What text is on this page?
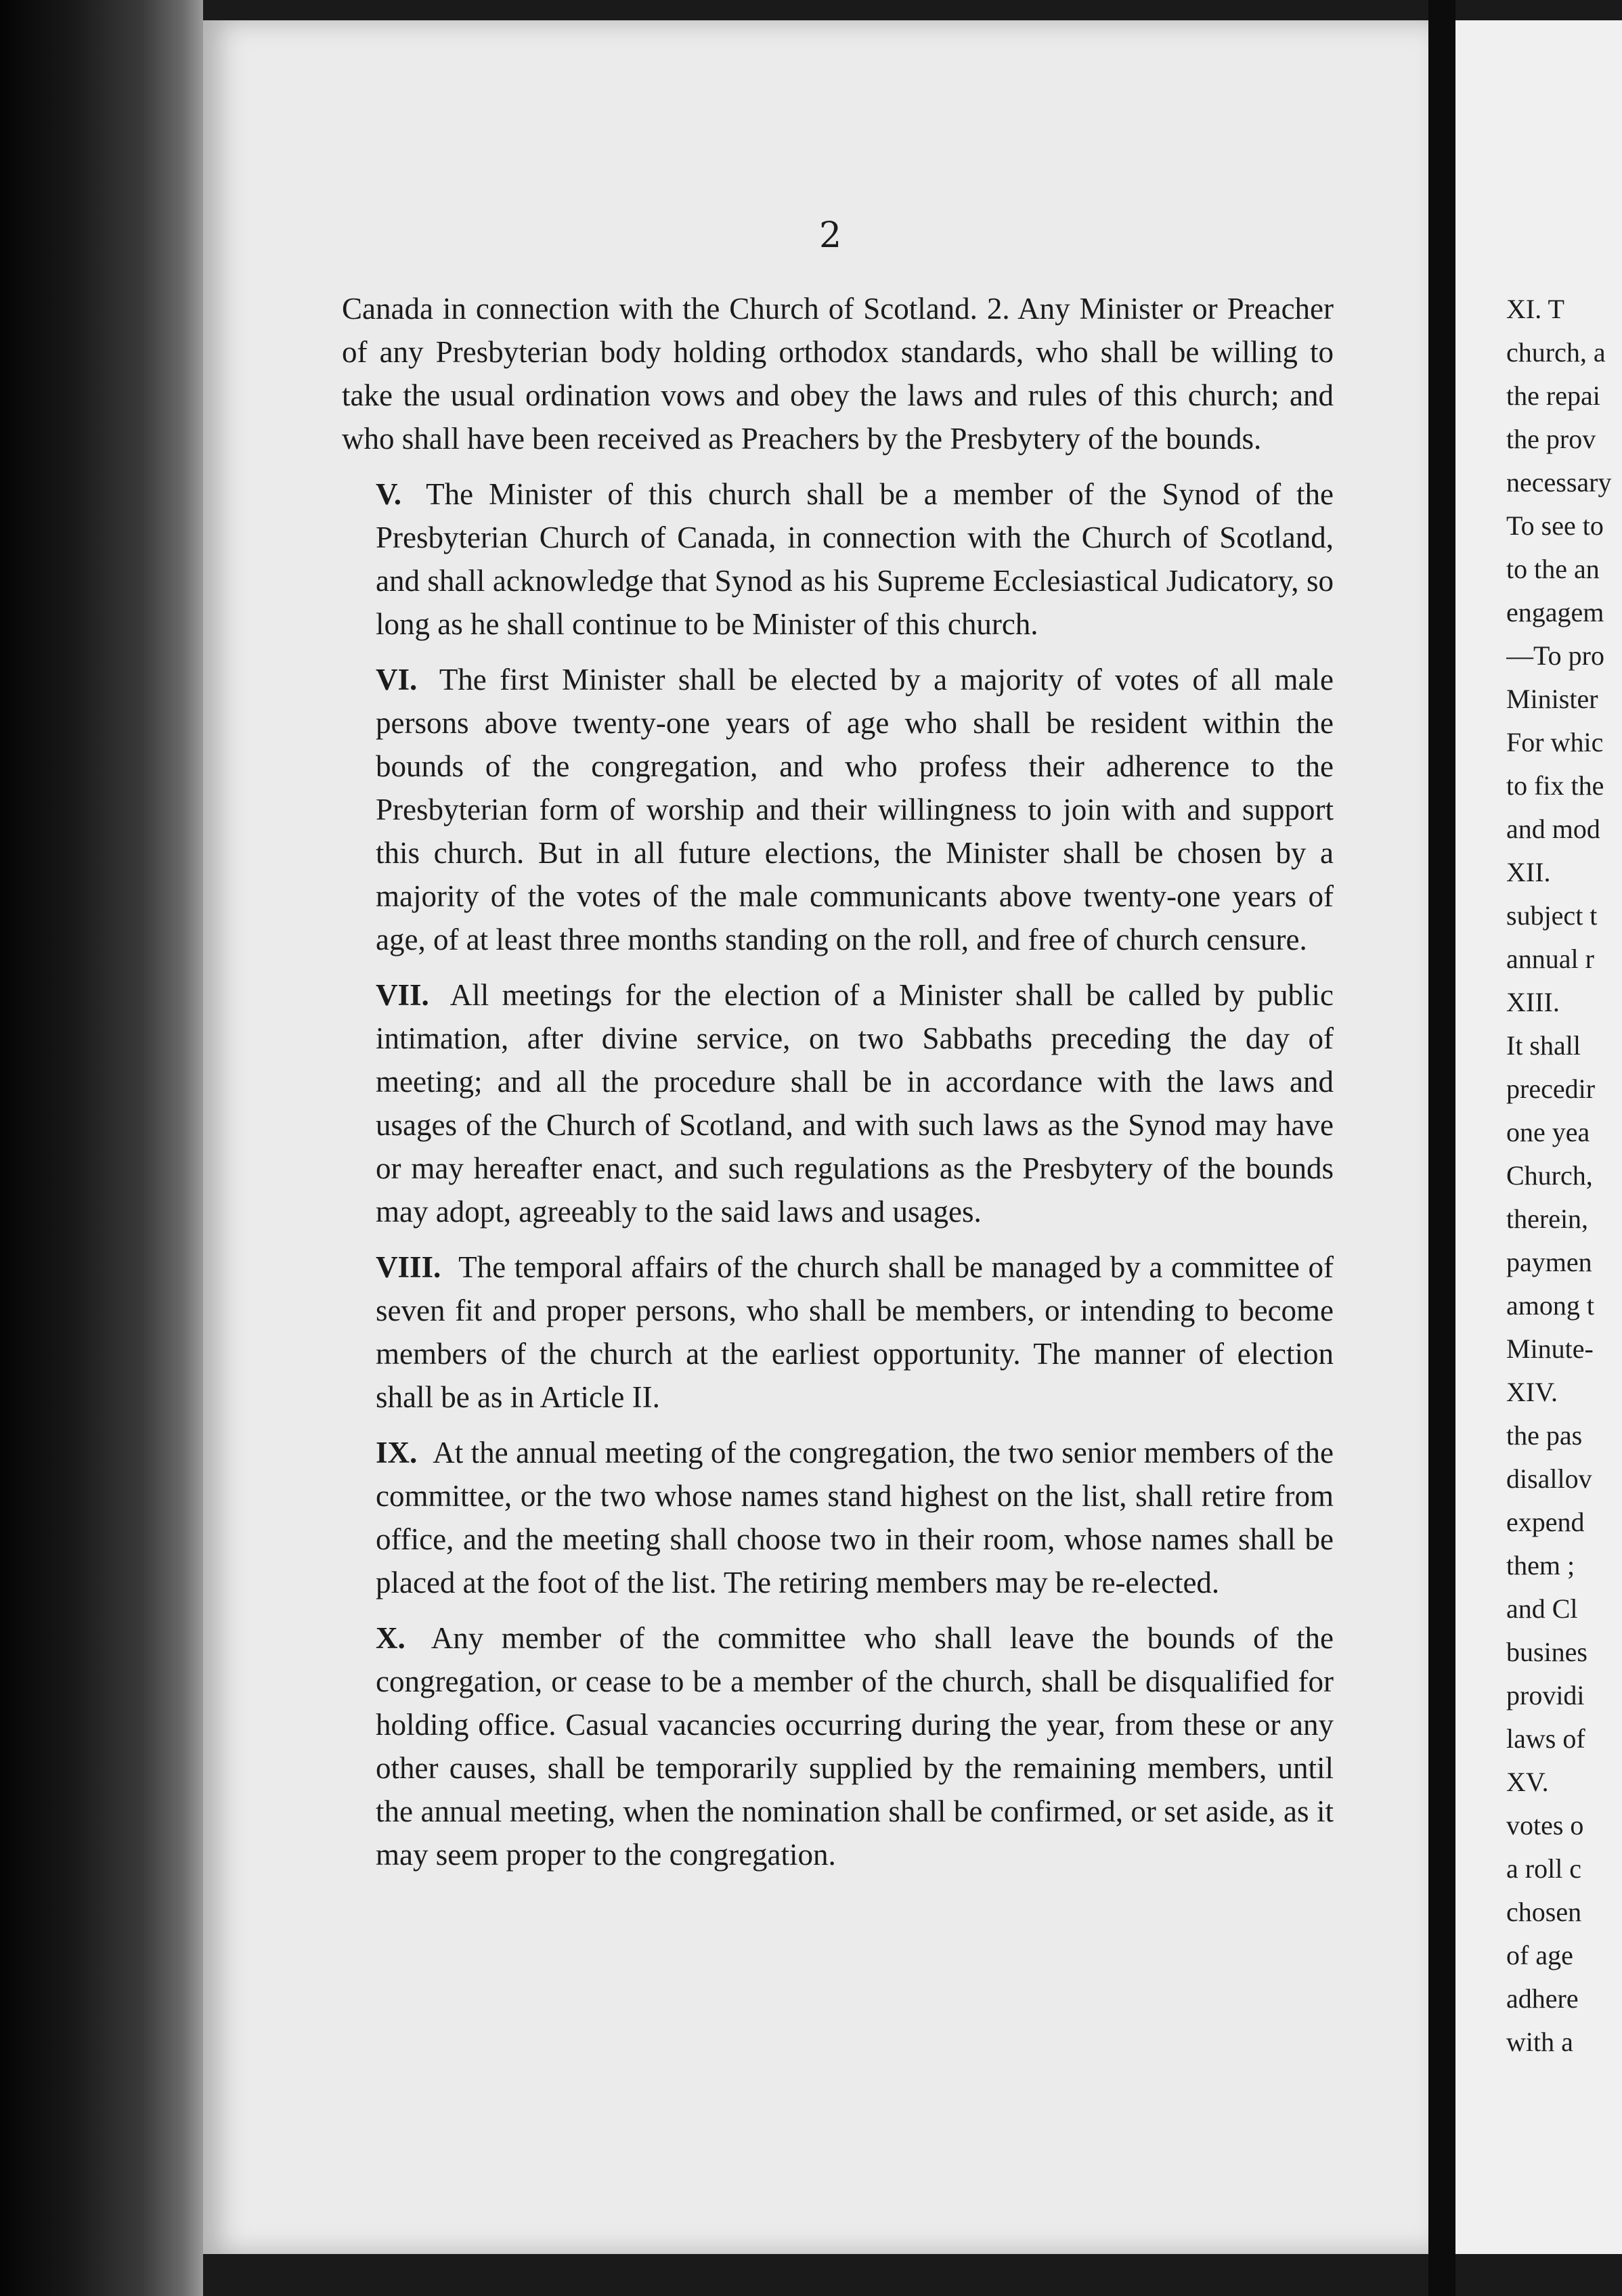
2

Canada in connection with the Church of Scotland. 2. Any Minister or Preacher of any Presbyterian body holding orthodox standards, who shall be willing to take the usual ordination vows and obey the laws and rules of this church; and who shall have been received as Preachers by the Presbytery of the bounds.

V. The Minister of this church shall be a member of the Synod of the Presbyterian Church of Canada, in connection with the Church of Scotland, and shall acknowledge that Synod as his Supreme Ecclesiastical Judicatory, so long as he shall continue to be Minister of this church.

VI. The first Minister shall be elected by a majority of votes of all male persons above twenty-one years of age who shall be resident within the bounds of the congregation, and who profess their adherence to the Presbyterian form of worship and their willingness to join with and support this church. But in all future elections, the Minister shall be chosen by a majority of the votes of the male communicants above twenty-one years of age, of at least three months standing on the roll, and free of church censure.

VII. All meetings for the election of a Minister shall be called by public intimation, after divine service, on two Sabbaths preceding the day of meeting; and all the procedure shall be in accordance with the laws and usages of the Church of Scotland, and with such laws as the Synod may have or may hereafter enact, and such regulations as the Presbytery of the bounds may adopt, agreeably to the said laws and usages.

VIII. The temporal affairs of the church shall be managed by a committee of seven fit and proper persons, who shall be members, or intending to become members of the church at the earliest opportunity. The manner of election shall be as in Article II.

IX. At the annual meeting of the congregation, the two senior members of the committee, or the two whose names stand highest on the list, shall retire from office, and the meeting shall choose two in their room, whose names shall be placed at the foot of the list. The retiring members may be re-elected.

X. Any member of the committee who shall leave the bounds of the congregation, or cease to be a member of the church, shall be disqualified for holding office. Casual vacancies occurring during the year, from these or any other causes, shall be temporarily supplied by the remaining members, until the annual meeting, when the nomination shall be confirmed, or set aside, as it may seem proper to the congregation.

XI. T
church, a
the repai
the prov
necessary
To see to
to the an
engagem
—To pro
Minister
For whic
to fix the
and mod
XII.
subject t
annual r
XIII.
It shall
precedir
one yea
Church,
therein,
paymen
among t
Minute-
XIV.
the pas
disallov
expend
them ;
and Cl
busines
providi
laws of
XV.
votes o
a roll c
chosen
of age
adhere
with a
